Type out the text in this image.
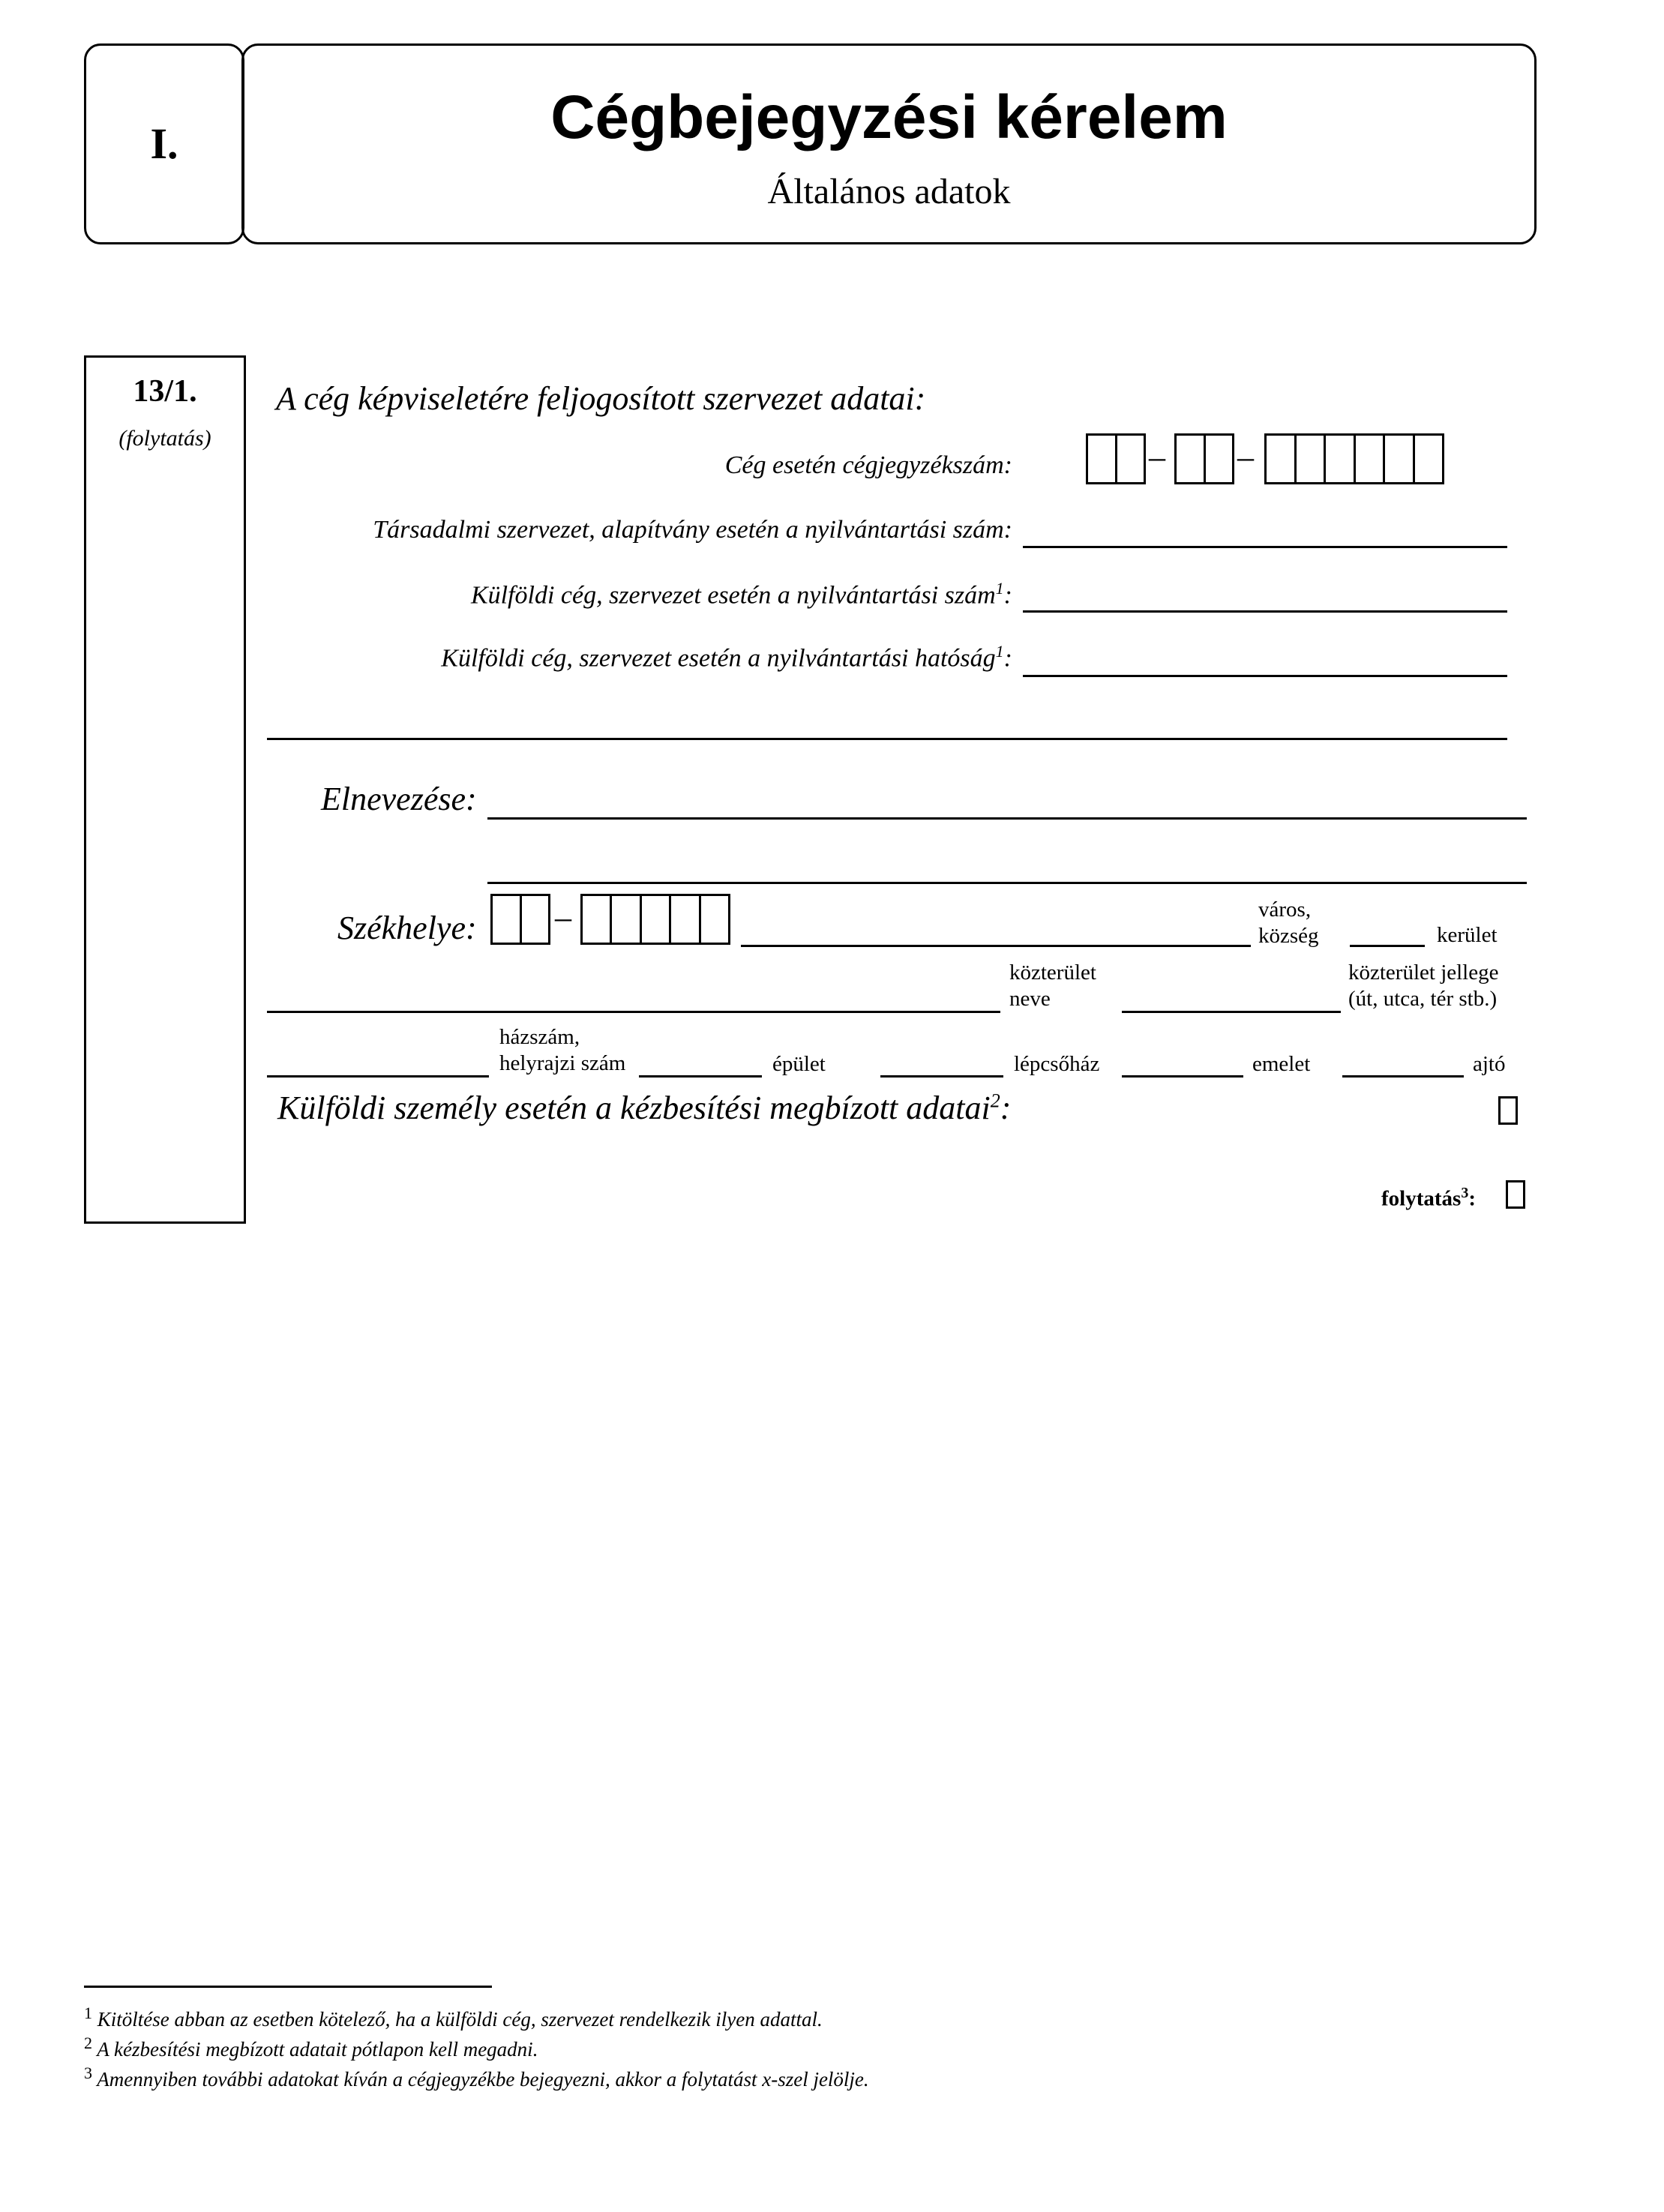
I.	Cégbejegyzési kérelem
Általános adatok
13/1.
(folytatás)
A cég képviseletére feljogosított szervezet adatai:
Cég esetén cégjegyzékszám:	– –
Társadalmi szervezet, alapítvány esetén a nyilvántartási szám:
Külföldi cég, szervezet esetén a nyilvántartási szám$^1$:
Külföldi cég, szervezet esetén a nyilvántartási hatóság$^1$:
Elnevezése:
Székhelye: –	város,
község	kerület
közterület
neve
közterület jellege
(út, utca, tér stb.)
házszám,
helyrajzi szám	épület	lépcsőház	emelet	ajtó
Külföldi személy esetén a kézbesítési megbízott adatai$^2$:
folytatás$^3$:
$^1$ Kitöltése abban az esetben kötelező, ha a külföldi cég, szervezet rendelkezik ilyen adattal.
$^2$ A kézbesítési megbízott adatait pótlapon kell megadni.
$^3$ Amennyiben további adatokat kíván a cégjegyzékbe bejegyezni, akkor a folytatást x-szel jelölje.
